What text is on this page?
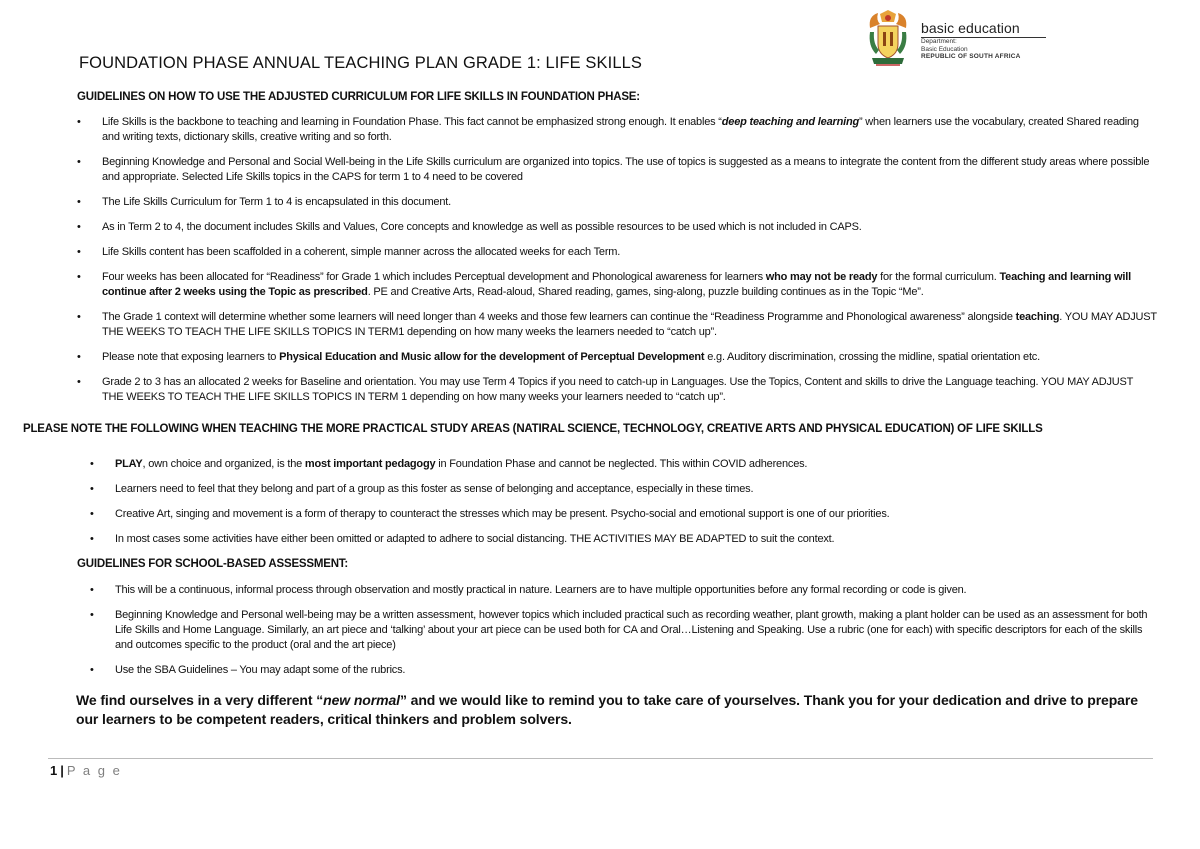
basic education
Department:
Basic Education
REPUBLIC OF SOUTH AFRICA
FOUNDATION PHASE ANNUAL TEACHING PLAN GRADE 1: LIFE SKILLS
GUIDELINES ON HOW TO USE THE ADJUSTED CURRICULUM FOR LIFE SKILLS IN FOUNDATION PHASE:
• Life Skills is the backbone to teaching and learning in Foundation Phase. This fact cannot be emphasized strong enough. It enables “deep teaching and learning” when learners use the vocabulary, created Shared reading and writing texts, dictionary skills, creative writing and so forth.
• Beginning Knowledge and Personal and Social Well-being in the Life Skills curriculum are organized into topics. The use of topics is suggested as a means to integrate the content from the different study areas where possible and appropriate. Selected Life Skills topics in the CAPS for term 1 to 4 need to be covered
• The Life Skills Curriculum for Term 1 to 4 is encapsulated in this document.
• As in Term 2 to 4, the document includes Skills and Values, Core concepts and knowledge as well as possible resources to be used which is not included in CAPS.
• Life Skills content has been scaffolded in a coherent, simple manner across the allocated weeks for each Term.
• Four weeks has been allocated for “Readiness” for Grade 1 which includes Perceptual development and Phonological awareness for learners who may not be ready for the formal curriculum. Teaching and learning will continue after 2 weeks using the Topic as prescribed. PE and Creative Arts, Read-aloud, Shared reading, games, sing-along, puzzle building continues as in the Topic “Me”.
• The Grade 1 context will determine whether some learners will need longer than 4 weeks and those few learners can continue the “Readiness Programme and Phonological awareness” alongside teaching. YOU MAY ADJUST THE WEEKS TO TEACH THE LIFE SKILLS TOPICS IN TERM1 depending on how many weeks the learners needed to “catch up”.
• Please note that exposing learners to Physical Education and Music allow for the development of Perceptual Development e.g. Auditory discrimination, crossing the midline, spatial orientation etc.
• Grade 2 to 3 has an allocated 2 weeks for Baseline and orientation. You may use Term 4 Topics if you need to catch-up in Languages. Use the Topics, Content and skills to drive the Language teaching. YOU MAY ADJUST THE WEEKS TO TEACH THE LIFE SKILLS TOPICS IN TERM 1 depending on how many weeks your learners needed to “catch up”.
PLEASE NOTE THE FOLLOWING WHEN TEACHING THE MORE PRACTICAL STUDY AREAS (NATIRAL SCIENCE, TECHNOLOGY, CREATIVE ARTS AND PHYSICAL EDUCATION) OF LIFE SKILLS
• PLAY, own choice and organized, is the most important pedagogy in Foundation Phase and cannot be neglected. This within COVID adherences.
• Learners need to feel that they belong and part of a group as this foster as sense of belonging and acceptance, especially in these times.
• Creative Art, singing and movement is a form of therapy to counteract the stresses which may be present. Psycho-social and emotional support is one of our priorities.
• In most cases some activities have either been omitted or adapted to adhere to social distancing. THE ACTIVITIES MAY BE ADAPTED to suit the context.
GUIDELINES FOR SCHOOL-BASED ASSESSMENT:
• This will be a continuous, informal process through observation and mostly practical in nature. Learners are to have multiple opportunities before any formal recording or code is given.
• Beginning Knowledge and Personal well-being may be a written assessment, however topics which included practical such as recording weather, plant growth, making a plant holder can be used as an assessment for both Life Skills and Home Language. Similarly, an art piece and ‘talking’ about your art piece can be used both for CA and Oral…Listening and Speaking. Use a rubric (one for each) with specific descriptors for each of the skills and outcomes specific to the product (oral and the art piece)
• Use the SBA Guidelines – You may adapt some of the rubrics.

We find ourselves in a very different “new normal” and we would like to remind you to take care of yourselves. Thank you for your dedication and drive to prepare our learners to be competent readers, critical thinkers and problem solvers.

1 | P a g e
